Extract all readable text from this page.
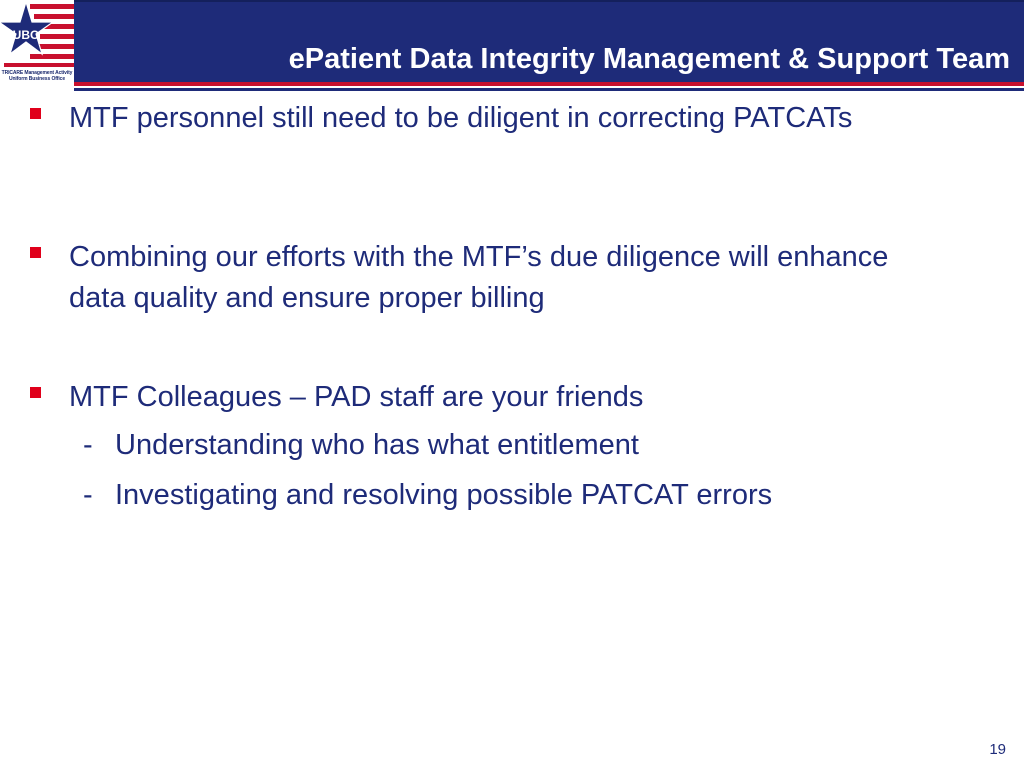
UBO
TRICARE Management Activity
Uniform Business Office
ePatient Data Integrity Management & Support Team
MTF personnel still need to be diligent in correcting PATCATs
Combining our efforts with the MTF’s due diligence will enhance data quality and ensure proper billing
MTF Colleagues – PAD staff are your friends
- Understanding who has what entitlement
- Investigating and resolving possible PATCAT errors
19
